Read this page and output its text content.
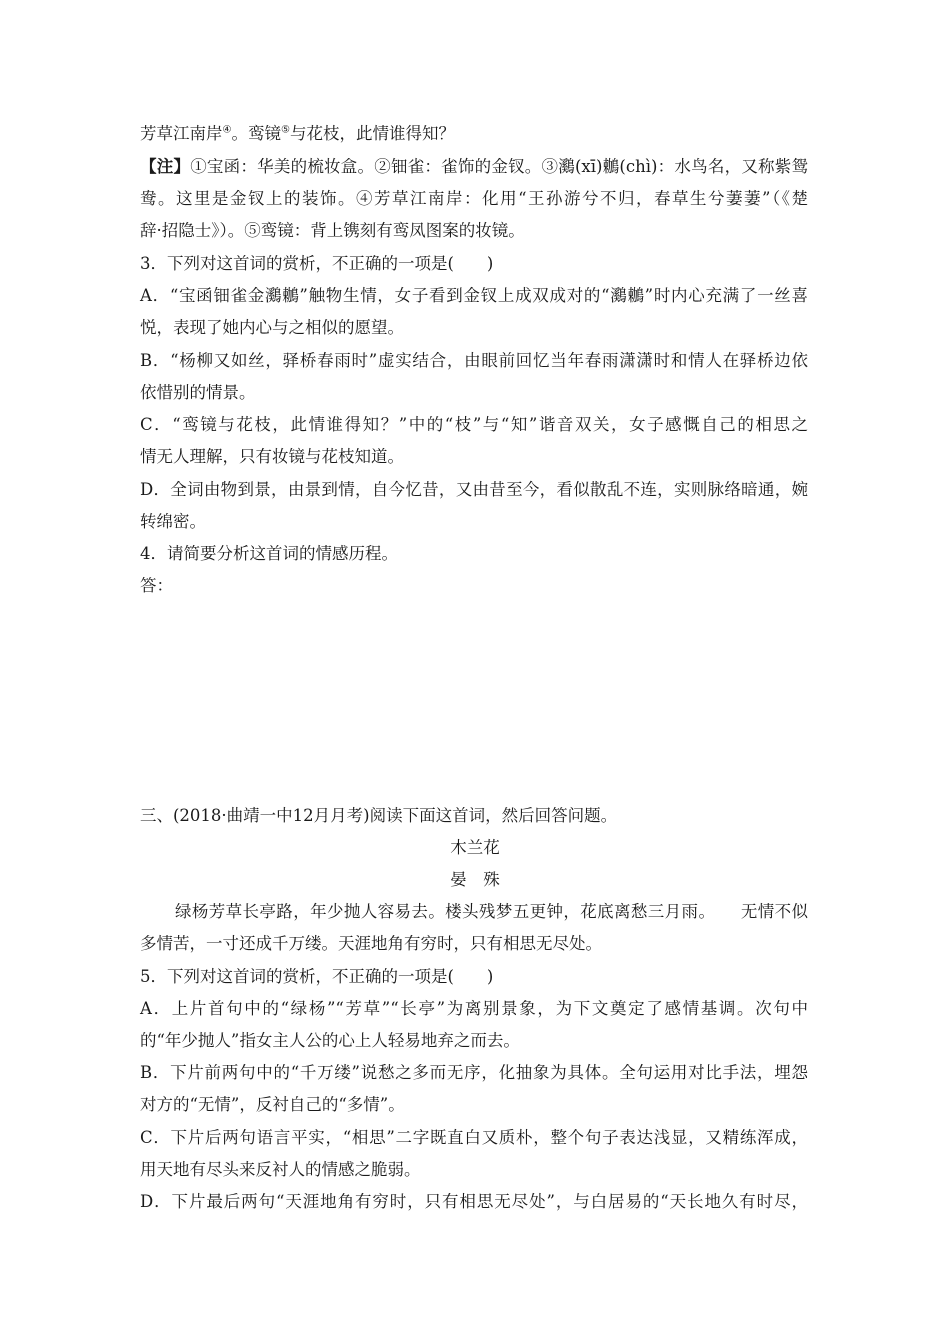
芳草江南岸④。鸾镜⑤与花枝，此情谁得知？
【注】①宝函：华美的梳妆盒。②钿雀：雀饰的金钗。③鸂(xī)鶒(chì)：水鸟名，又称紫鸳
鸯。这里是金钗上的装饰。④芳草江南岸：化用“王孙游兮不归，春草生兮萋萋”（《楚
辞·招隐士》）。⑤鸾镜：背上镌刻有鸾凤图案的妆镜。
3．下列对这首词的赏析，不正确的一项是(　　)
A．“宝函钿雀金鸂鶒”触物生情，女子看到金钗上成双成对的“鸂鶒”时内心充满了一丝喜
悦，表现了她内心与之相似的愿望。
B．“杨柳又如丝，驿桥春雨时”虚实结合，由眼前回忆当年春雨潇潇时和情人在驿桥边依
依惜别的情景。
C．“鸾镜与花枝，此情谁得知？”中的“枝”与“知”谐音双关，女子感慨自己的相思之
情无人理解，只有妆镜与花枝知道。
D．全词由物到景，由景到情，自今忆昔，又由昔至今，看似散乱不连，实则脉络暗通，婉
转绵密。
4．请简要分析这首词的情感历程。
答：
三、(2018·曲靖一中12月月考)阅读下面这首词，然后回答问题。
木兰花
晏　殊
绿杨芳草长亭路，年少抛人容易去。楼头残梦五更钟，花底离愁三月雨。　　无情不似
多情苦，一寸还成千万缕。天涯地角有穷时，只有相思无尽处。
5．下列对这首词的赏析，不正确的一项是(　　)
A．上片首句中的“绿杨”“芳草”“长亭”为离别景象，为下文奠定了感情基调。次句中
的“年少抛人”指女主人公的心上人轻易地弃之而去。
B．下片前两句中的“千万缕”说愁之多而无序，化抽象为具体。全句运用对比手法，埋怨
对方的“无情”，反衬自己的“多情”。
C．下片后两句语言平实，“相思”二字既直白又质朴，整个句子表达浅显，又精练浑成，
用天地有尽头来反衬人的情感之脆弱。
D．下片最后两句“天涯地角有穷时，只有相思无尽处”，与白居易的“天长地久有时尽，
